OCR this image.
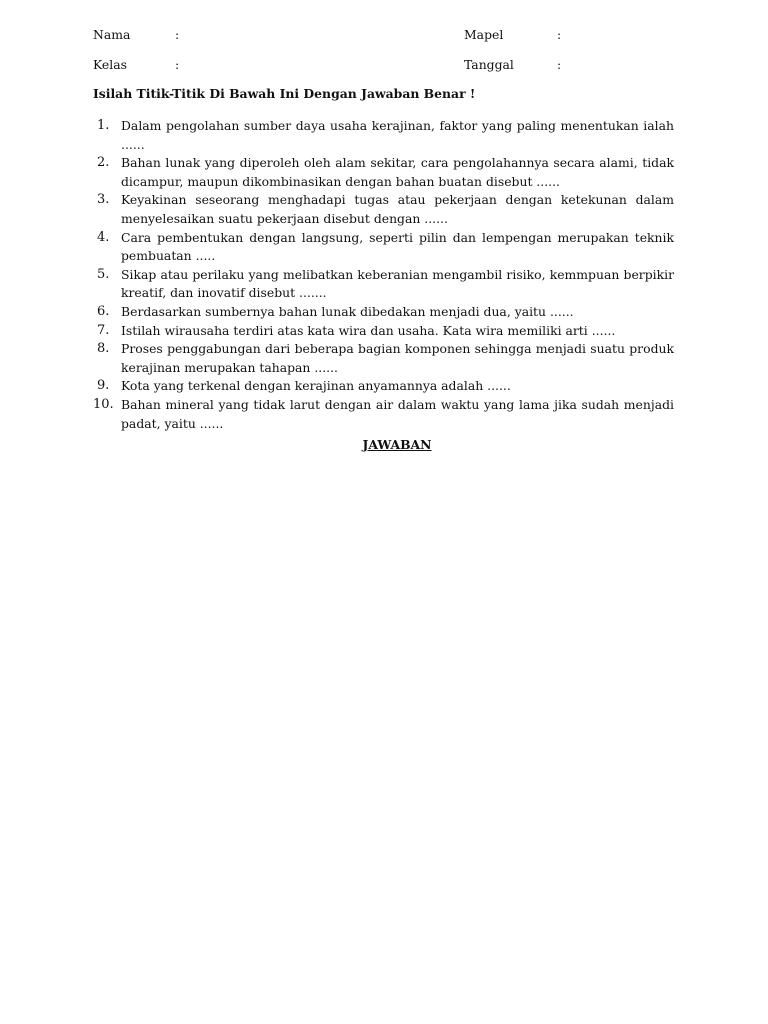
Nama	:	Mapel	:
Kelas	:	Tanggal	:
Isilah Titik-Titik Di Bawah Ini Dengan Jawaban Benar !
1. Dalam pengolahan sumber daya usaha kerajinan, faktor yang paling menentukan ialah ......
2. Bahan lunak yang diperoleh oleh alam sekitar, cara pengolahannya secara alami, tidak dicampur, maupun dikombinasikan dengan bahan buatan disebut ......
3. Keyakinan seseorang menghadapi tugas atau pekerjaan dengan ketekunan dalam menyelesaikan suatu pekerjaan disebut dengan ......
4. Cara pembentukan dengan langsung, seperti pilin dan lempengan merupakan teknik pembuatan .....
5. Sikap atau perilaku yang melibatkan keberanian mengambil risiko, kemmpuan berpikir kreatif, dan inovatif disebut .......
6. Berdasarkan sumbernya bahan lunak dibedakan menjadi dua, yaitu ......
7. Istilah wirausaha terdiri atas kata wira dan usaha. Kata wira memiliki arti ......
8. Proses penggabungan dari beberapa bagian komponen sehingga menjadi suatu produk kerajinan merupakan tahapan ......
9. Kota yang terkenal dengan kerajinan anyamannya adalah ......
10. Bahan mineral yang tidak larut dengan air dalam waktu yang lama jika sudah menjadi padat, yaitu ......
JAWABAN
